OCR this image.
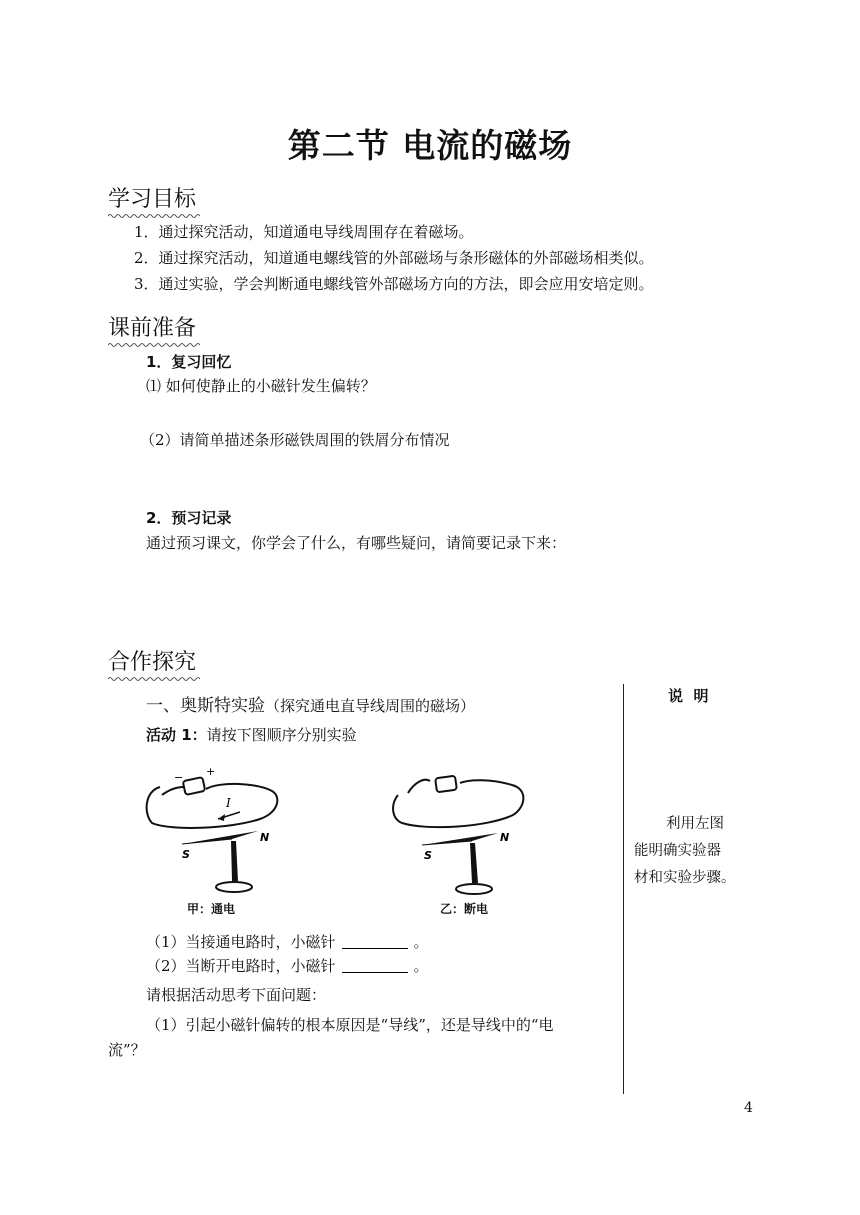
第二节 电流的磁场
学习目标
1．通过探究活动，知道通电导线周围存在着磁场。
2．通过探究活动，知道通电螺线管的外部磁场与条形磁体的外部磁场相类似。
3．通过实验，学会判断通电螺线管外部磁场方向的方法，即会应用安培定则。
课前准备
1．复习回忆
⑴ 如何使静止的小磁针发生偏转？
（2）请简单描述条形磁铁周围的铁屑分布情况
2．预习记录
通过预习课文，你学会了什么，有哪些疑问，请简要记录下来：
合作探究
一、奥斯特实验（探究通电直导线周围的磁场）
活动 1：请按下图顺序分别实验
− +
I
S
N
甲：通电
S
N
乙：断电
（1）当接通电路时，小磁针	。
（2）当断开电路时，小磁针	。
请根据活动思考下面问题：
（1）引起小磁针偏转的根本原因是“导线”，还是导线中的“电
流”？
说  明
利用左图
能明确实验器
材和实验步骤。
4
